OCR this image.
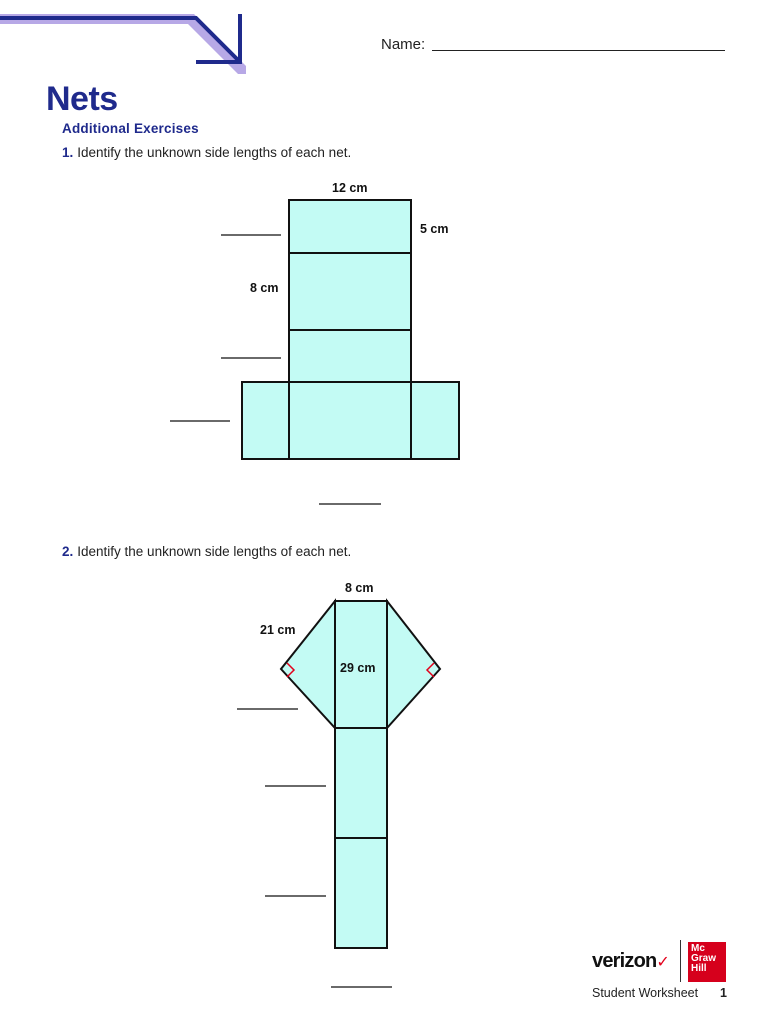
Name:
Nets
Additional Exercises
1. Identify the unknown side lengths of each net.
2. Identify the unknown side lengths of each net.
12 cm
5 cm
8 cm
8 cm
21 cm
29 cm
verizon✓
Mc
Graw
Hill
Student Worksheet 1
